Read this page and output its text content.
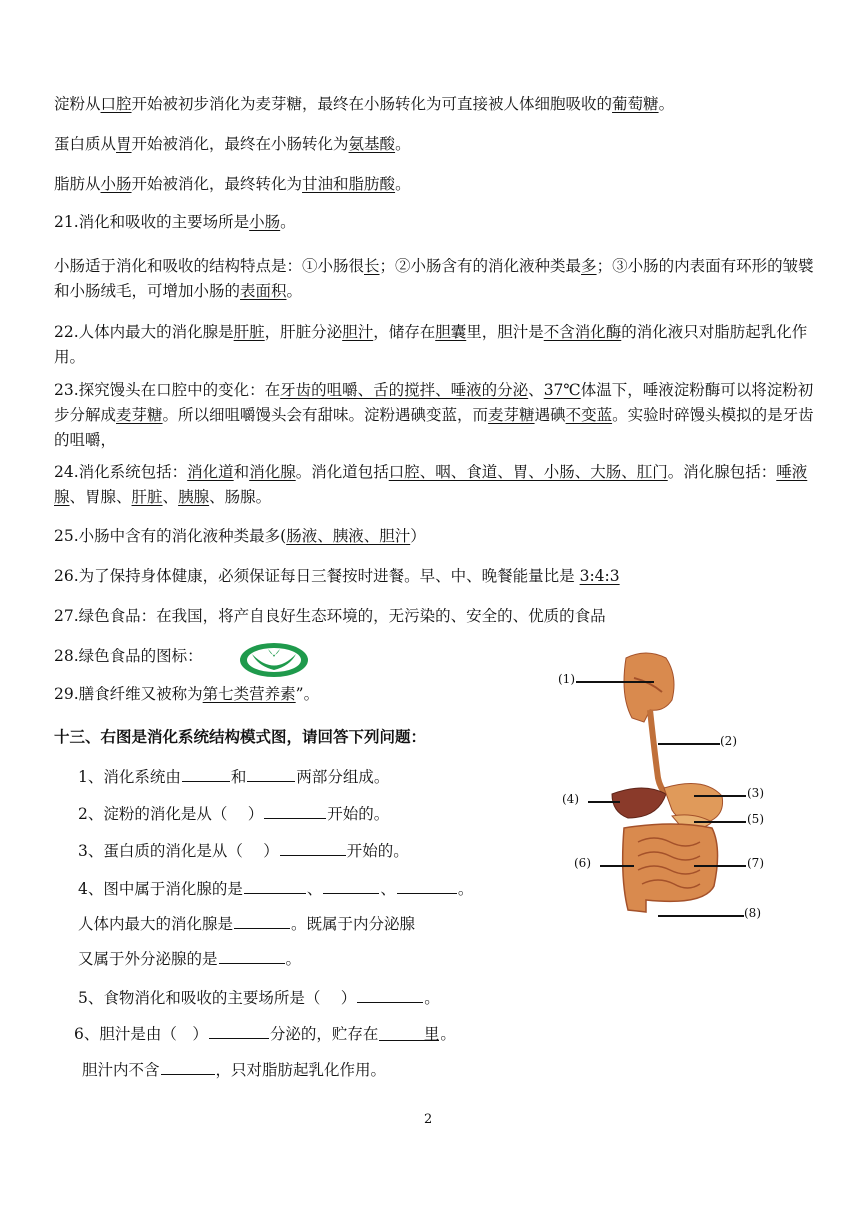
淀粉从口腔开始被初步消化为麦芽糖，最终在小肠转化为可直接被人体细胞吸收的葡萄糖。
蛋白质从胃开始被消化，最终在小肠转化为氨基酸。
脂肪从小肠开始被消化，最终转化为甘油和脂肪酸。
21.消化和吸收的主要场所是小肠。
小肠适于消化和吸收的结构特点是：①小肠很长；②小肠含有的消化液种类最多；③小肠的内表面有环形的皱襞和小肠绒毛，可增加小肠的表面积。
22.人体内最大的消化腺是肝脏，肝脏分泌胆汁，储存在胆囊里，胆汁是不含消化酶的消化液只对脂肪起乳化作用。
23.探究馒头在口腔中的变化：在牙齿的咀嚼、舌的搅拌、唾液的分泌、37℃体温下，唾液淀粉酶可以将淀粉初步分解成麦芽糖。所以细咀嚼馒头会有甜味。淀粉遇碘变蓝，而麦芽糖遇碘不变蓝。实验时碎馒头模拟的是牙齿的咀嚼，
24.消化系统包括：消化道和消化腺。消化道包括口腔、咽、食道、胃、小肠、大肠、肛门。消化腺包括：唾液腺、胃腺、肝脏、胰腺、肠腺。
25.小肠中含有的消化液种类最多(肠液、胰液、胆汁）
26.为了保持身体健康，必须保证每日三餐按时进餐。早、中、晚餐能量比是 3:4:3
27.绿色食品：在我国，将产自良好生态环境的，无污染的、安全的、优质的食品
28.绿色食品的图标：
29.膳食纤维又被称为第七类营养素”。
十三、右图是消化系统结构模式图，请回答下列问题：
1、消化系统由	和	两部分组成。
2、淀粉的消化是从（　 ）	开始的。
3、蛋白质的消化是从（　 ）	开始的。
4、图中属于消化腺的是	、	、	。
人体内最大的消化腺是	。既属于内分泌腺
又属于外分泌腺的是	。
5、食物消化和吸收的主要场所是（　 ）	。
6、胆汁是由（　）	分泌的，贮存在	里。
胆汁内不含	，只对脂肪起乳化作用。
(1)
(2)
(3)
(4)
(5)
(6)	(7)
(8)
2
